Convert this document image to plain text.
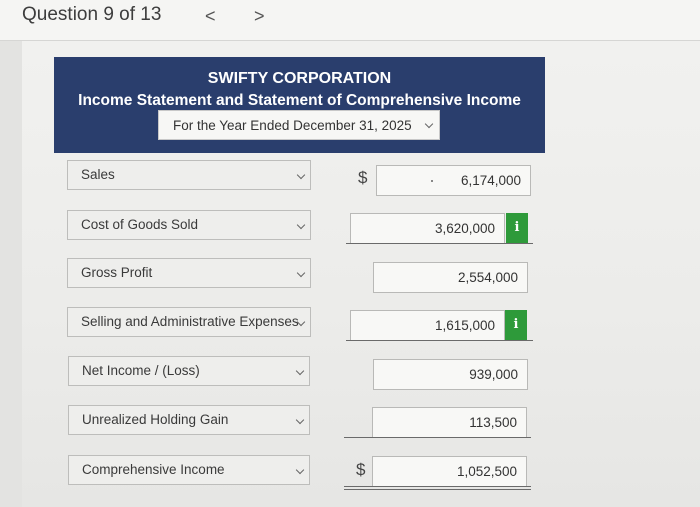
Question 9 of 13 < >
SWIFTY CORPORATION
Income Statement and Statement of Comprehensive Income
For the Year Ended December 31, 2025
Sales	$	6,174,000
Cost of Goods Sold	3,620,000	i
Gross Profit	2,554,000
Selling and Administrative Expenses	1,615,000	i
Net Income / (Loss)	939,000
Unrealized Holding Gain	113,500
Comprehensive Income	$	1,052,500
